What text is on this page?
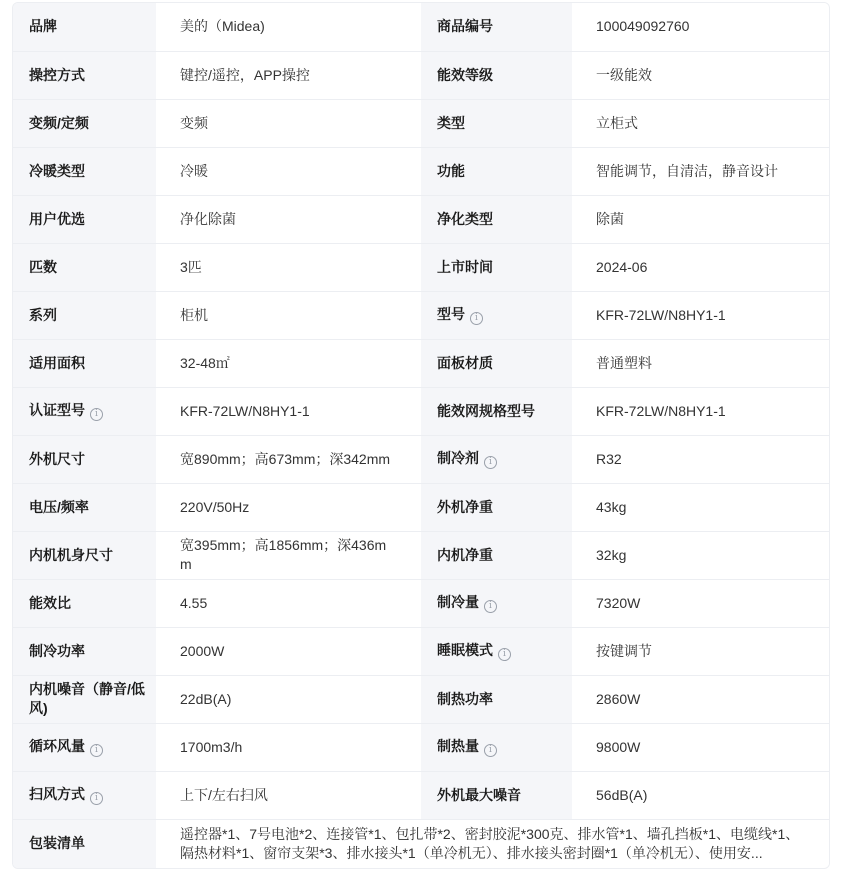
品牌	美的（Midea)	商品编号	100049092760
操控方式	键控/遥控，APP操控	能效等级	一级能效
变频/定频	变频	类型	立柜式
冷暖类型	冷暖	功能	智能调节，自清洁，静音设计
用户优选	净化除菌	净化类型	除菌
匹数	3匹	上市时间	2024-06
系列	柜机	型号 i	KFR-72LW/N8HY1-1
适用面积	32-48㎡	面板材质	普通塑料
认证型号 i	KFR-72LW/N8HY1-1	能效网规格型号	KFR-72LW/N8HY1-1
外机尺寸	宽890mm；高673mm；深342mm	制冷剂 i	R32
电压/频率	220V/50Hz	外机净重	43kg
内机机身尺寸	宽395mm；高1856mm；深436mm	内机净重	32kg
能效比	4.55	制冷量 i	7320W
制冷功率	2000W	睡眠模式 i	按键调节
内机噪音（静音/低风)	22dB(A)	制热功率	2860W
循环风量 i	1700m3/h	制热量 i	9800W
扫风方式 i	上下/左右扫风	外机最大噪音	56dB(A)
包装清单	遥控器*1、7号电池*2、连接管*1、包扎带*2、密封胶泥*300克、排水管*1、墙孔挡板*1、电缆线*1、隔热材料*1、窗帘支架*3、排水接头*1（单冷机无）、排水接头密封圈*1（单冷机无）、使用安...		
